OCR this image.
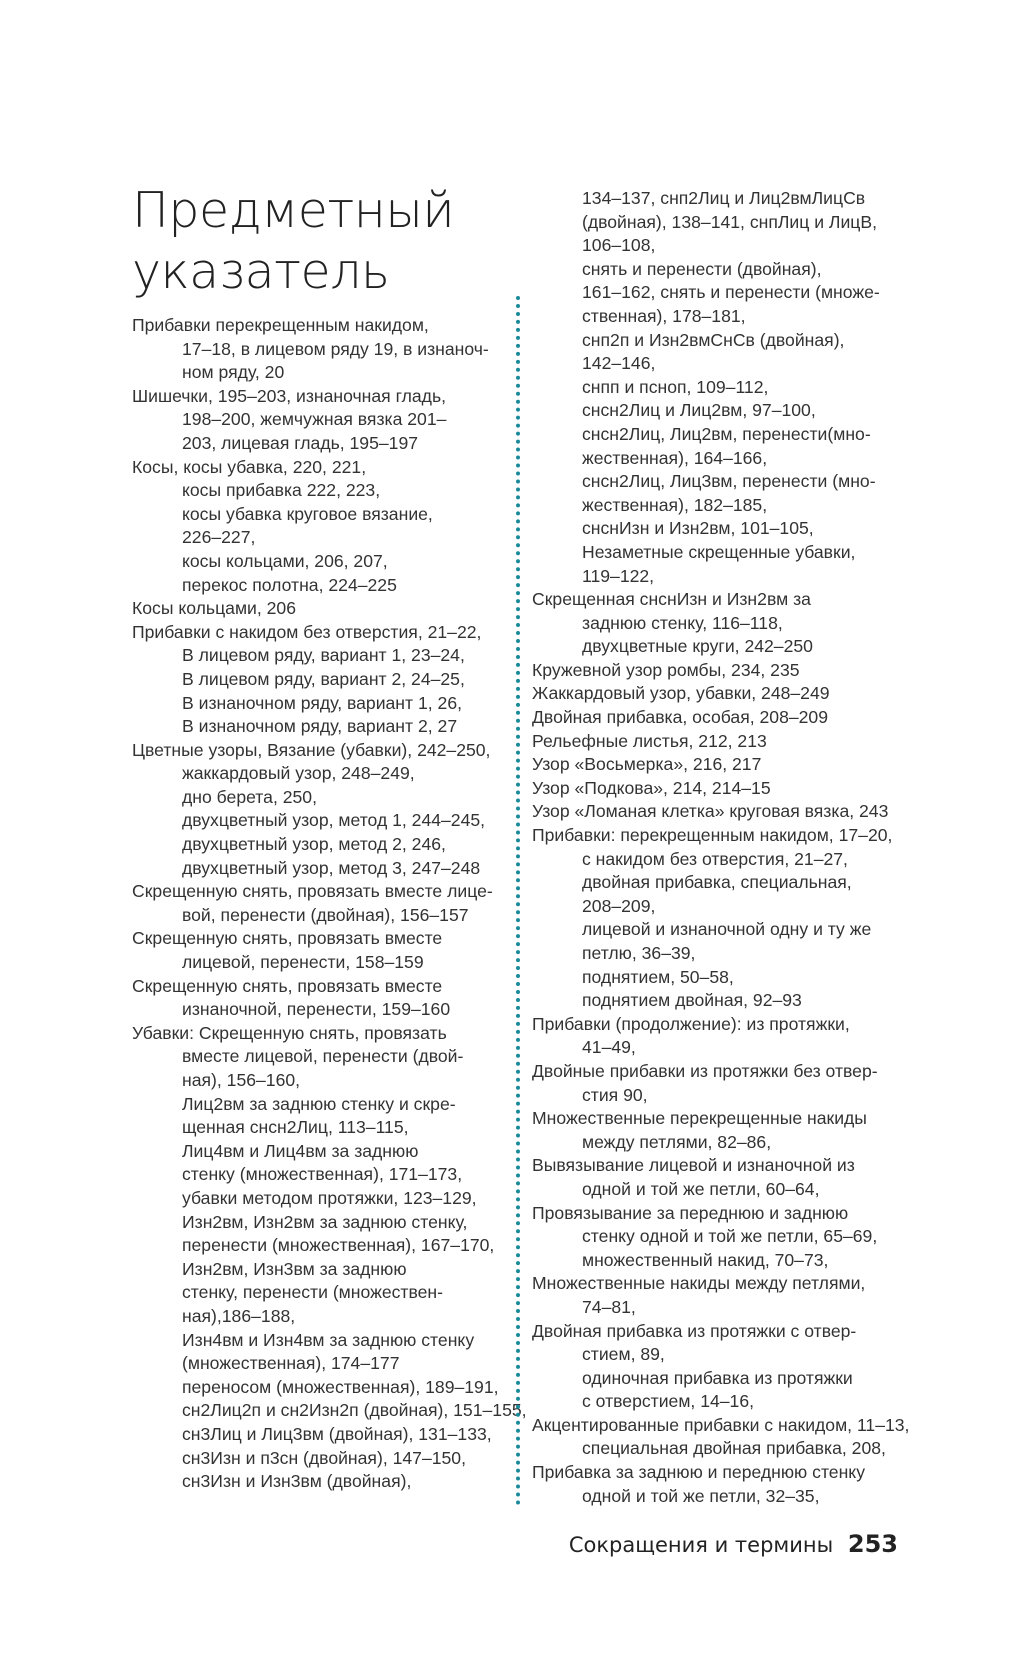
Предметный
указатель
Прибавки перекрещенным накидом,
17–18, в лицевом ряду 19, в изнаноч-
ном ряду, 20
Шишечки, 195–203, изнаночная гладь,
198–200, жемчужная вязка 201–
203, лицевая гладь, 195–197
Косы, косы убавка, 220, 221,
косы прибавка 222, 223,
косы убавка круговое вязание,
226–227,
косы кольцами, 206, 207,
перекос полотна, 224–225
Косы кольцами, 206
Прибавки с накидом без отверстия, 21–22,
В лицевом ряду, вариант 1, 23–24,
В лицевом ряду, вариант 2, 24–25,
В изнаночном ряду, вариант 1, 26,
В изнаночном ряду, вариант 2, 27
Цветные узоры, Вязание (убавки), 242–250,
жаккардовый узор, 248–249,
дно берета, 250,
двухцветный узор, метод 1, 244–245,
двухцветный узор, метод 2, 246,
двухцветный узор, метод 3, 247–248
Скрещенную снять, провязать вместе лице-
вой, перенести (двойная), 156–157
Скрещенную снять, провязать вместе
лицевой, перенести, 158–159
Скрещенную снять, провязать вместе
изнаночной, перенести, 159–160
Убавки: Скрещенную снять, провязать
вместе лицевой, перенести (двой-
ная), 156–160,
Лиц2вм за заднюю стенку и скре-
щенная снсн2Лиц, 113–115,
Лиц4вм и Лиц4вм за заднюю
стенку (множественная), 171–173,
убавки методом протяжки, 123–129,
Изн2вм, Изн2вм за заднюю стенку,
перенести (множественная), 167–170,
Изн2вм, Изн3вм за заднюю
стенку, перенести (множествен-
ная),186–188,
Изн4вм и Изн4вм за заднюю стенку
(множественная), 174–177
переносом (множественная), 189–191,
сн2Лиц2п и сн2Изн2п (двойная), 151–155,
сн3Лиц и Лиц3вм (двойная), 131–133,
сн3Изн и п3сн (двойная), 147–150,
сн3Изн и Изн3вм (двойная),
134–137, снп2Лиц и Лиц2вмЛицСв
(двойная), 138–141, снпЛиц и ЛицВ,
106–108,
снять и перенести (двойная),
161–162, снять и перенести (множе-
ственная), 178–181,
снп2п и Изн2вмСнСв (двойная),
142–146,
снпп и псноп, 109–112,
снсн2Лиц и Лиц2вм, 97–100,
снсн2Лиц, Лиц2вм, перенести(мно-
жественная), 164–166,
снсн2Лиц, Лиц3вм, перенести (мно-
жественная), 182–185,
снснИзн и Изн2вм, 101–105,
Незаметные скрещенные убавки,
119–122,
Скрещенная снснИзн и Изн2вм за
заднюю стенку, 116–118,
двухцветные круги, 242–250
Кружевной узор ромбы, 234, 235
Жаккардовый узор, убавки, 248–249
Двойная прибавка, особая, 208–209
Рельефные листья, 212, 213
Узор «Восьмерка», 216, 217
Узор «Подкова», 214, 214–15
Узор «Ломаная клетка» круговая вязка, 243
Прибавки: перекрещенным накидом, 17–20,
с накидом без отверстия, 21–27,
двойная прибавка, специальная,
208–209,
лицевой и изнаночной одну и ту же
петлю, 36–39,
поднятием, 50–58,
поднятием двойная, 92–93
Прибавки (продолжение): из протяжки,
41–49,
Двойные прибавки из протяжки без отвер-
стия 90,
Множественные перекрещенные накиды
между петлями, 82–86,
Вывязывание лицевой и изнаночной из
одной и той же петли, 60–64,
Провязывание за переднюю и заднюю
стенку одной и той же петли, 65–69,
множественный накид, 70–73,
Множественные накиды между петлями,
74–81,
Двойная прибавка из протяжки с отвер-
стием, 89,
одиночная прибавка из протяжки
с отверстием, 14–16,
Акцентированные прибавки с накидом, 11–13,
специальная двойная прибавка, 208,
Прибавка за заднюю и переднюю стенку
одной и той же петли, 32–35,
Сокращения и термины 253
